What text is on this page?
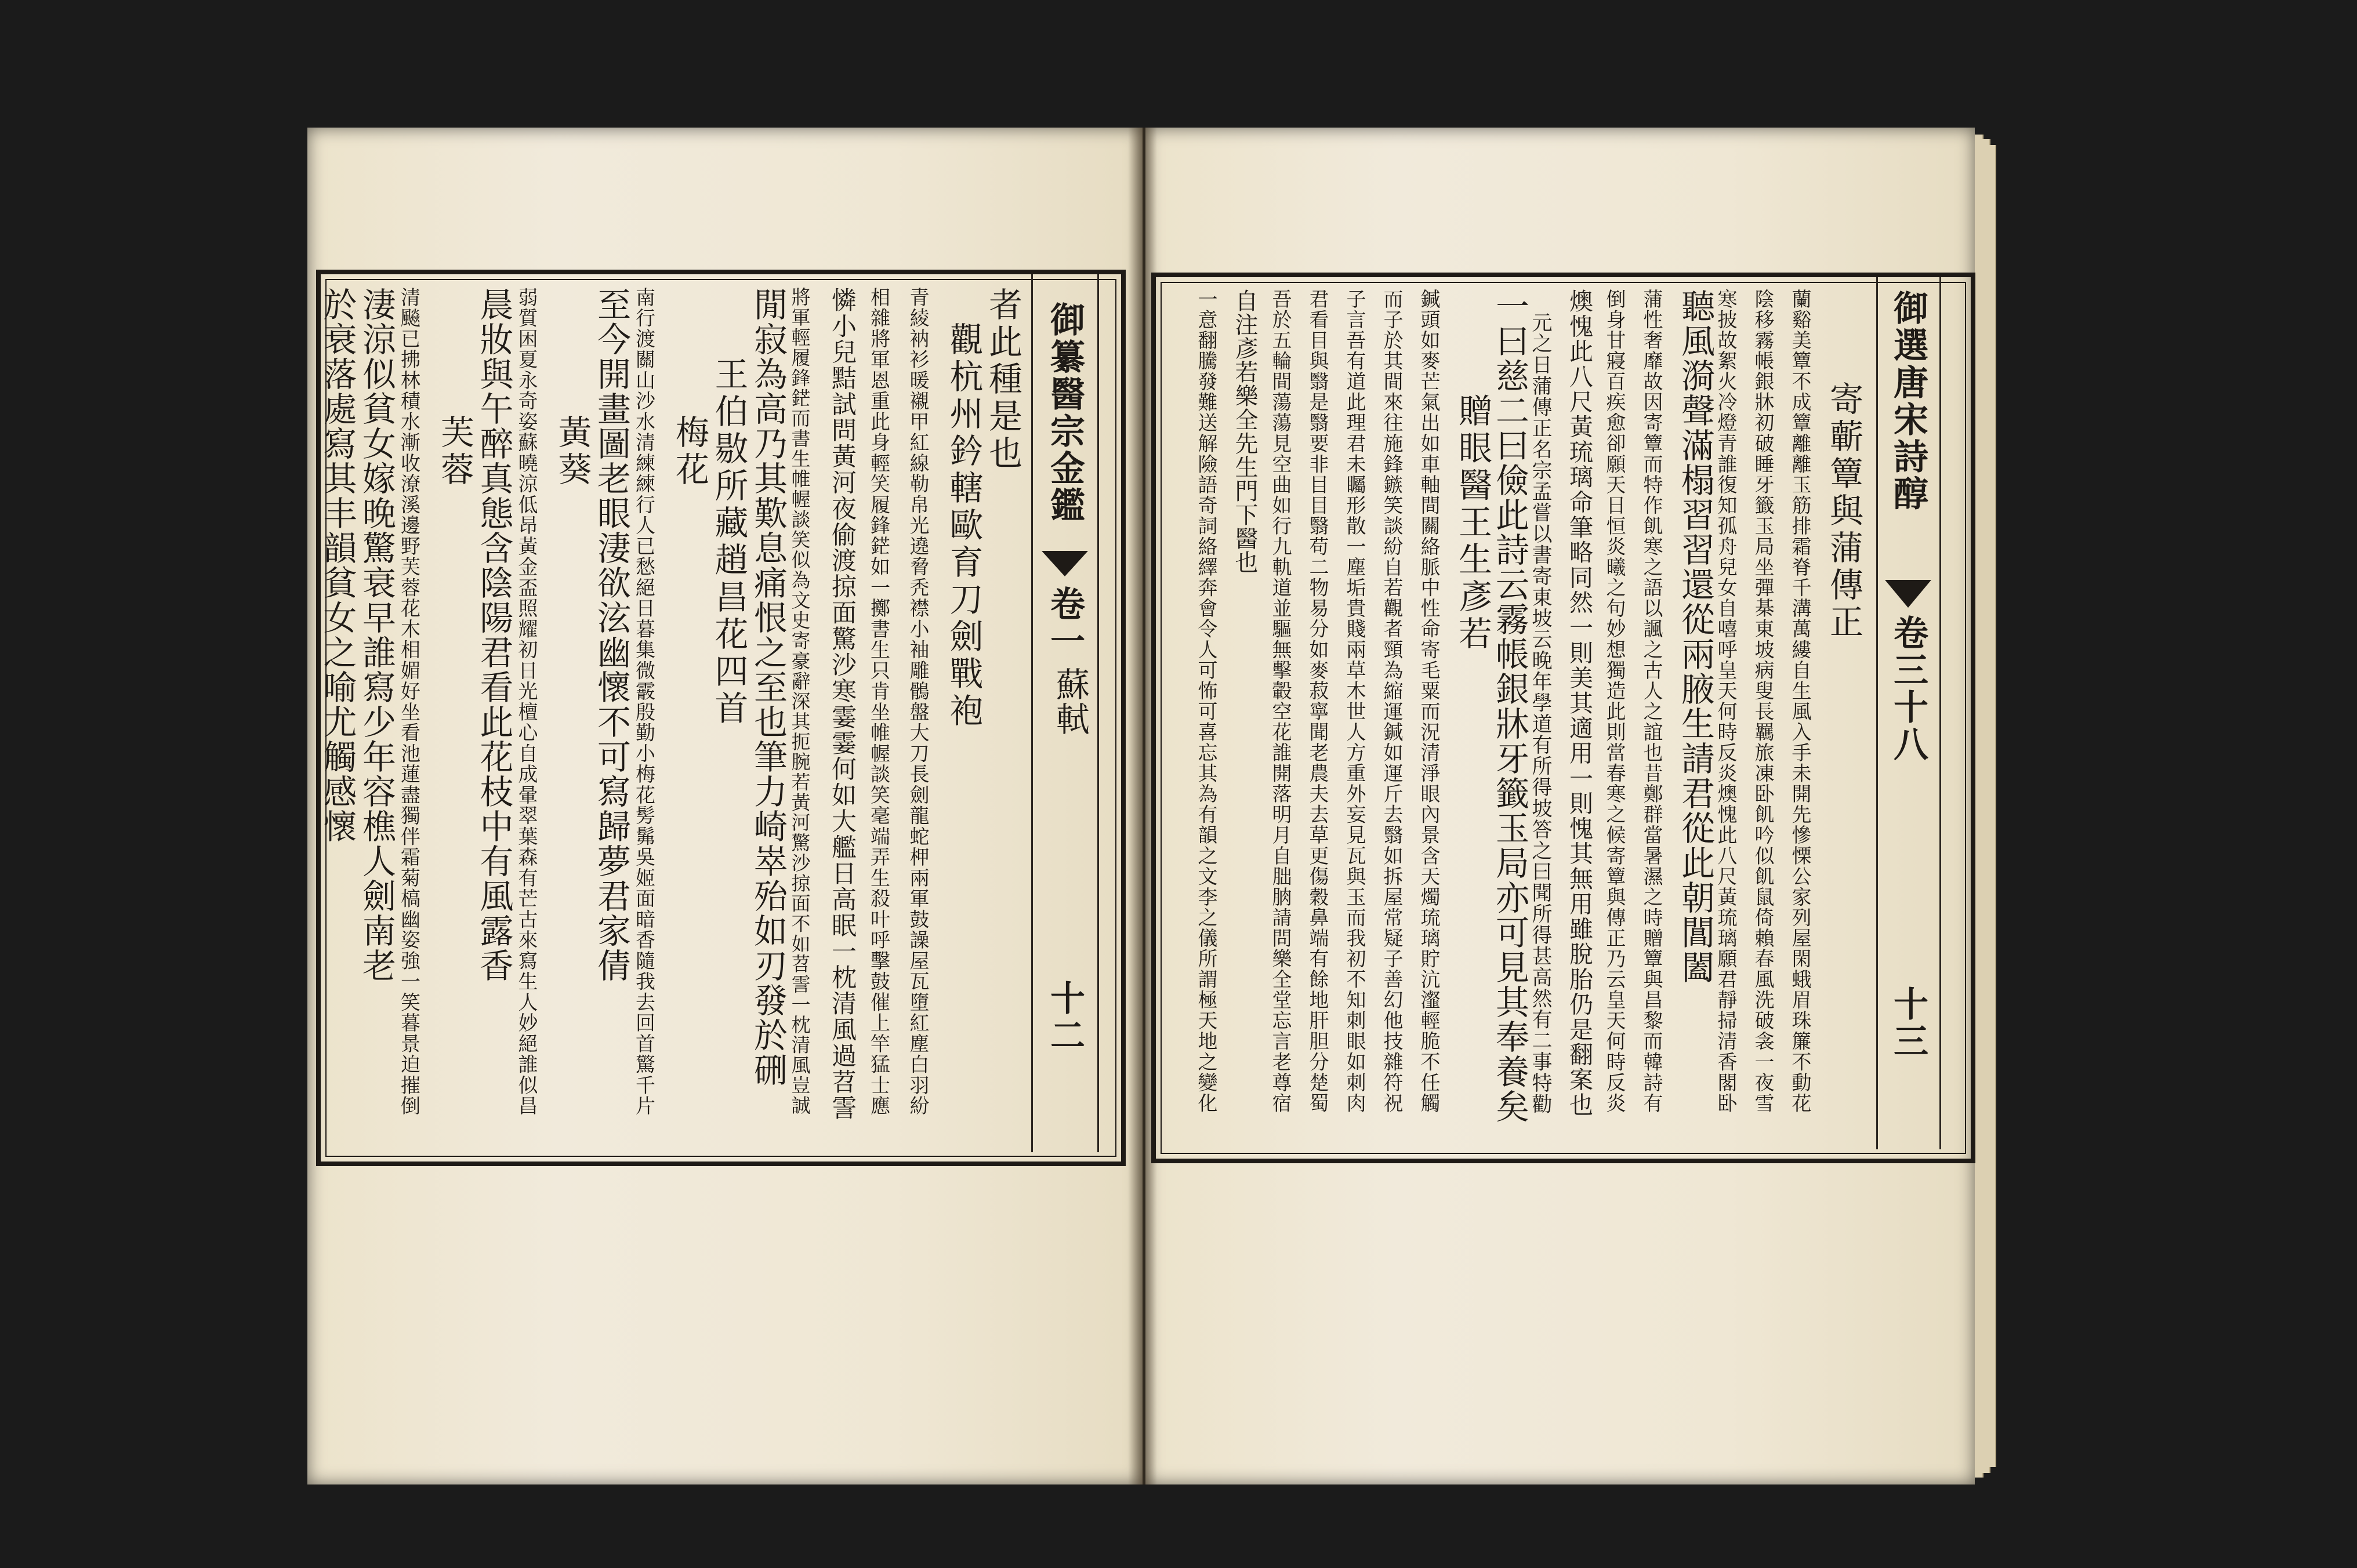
御纂醫宗金鑑
卷一
蘇軾
十二
者此種是也
觀杭州鈐轄歐育刀劍戰袍
青綾衲衫暖襯甲紅線勒帛光遶脅秃襟小袖雕鶻盤大刀長劍龍蛇柙兩軍鼓譟屋瓦墮紅塵白羽紛
相雜將軍恩重此身輕笑履鋒鋩如一擲書生只肯坐帷幄談笑毫端弄生殺叶呼擊鼓催上竿猛士應
憐小兒黠試問黃河夜偷渡掠面驚沙寒霎霎何如大艦日高眠一枕清風過苕霅
將軍輕履鋒鋩而書生帷幄談笑似為文史寄豪辭深其扼腕若黃河驚沙掠面不如苕霅一枕清風豈誠
閒寂為高乃其歎息痛恨之至也筆力崎崒殆如刃發於硎
王伯敭所藏趙昌花四首
梅花
南行渡關山沙水清練練行人已愁絕日暮集微霰殷勤小梅花髣髴吳姬面暗香隨我去回首驚千片
至今開畫圖老眼淒欲泫幽懷不可寫歸夢君家倩
黃葵
弱質困夏永奇姿蘇曉涼低昂黃金盃照耀初日光檀心自成暈翠葉森有芒古來寫生人妙絕誰似昌
晨妝與午醉真態含陰陽君看此花枝中有風露香
芙蓉
清飈已拂林積水漸收潦溪邊野芙蓉花木相媚好坐看池蓮盡獨伴霜菊槁幽姿強一笑暮景迫摧倒
淒涼似貧女嫁晚驚衰早誰寫少年容樵人劍南老
於衰落處寫其丰韻貧女之喻尤觸感懷	御選唐宋詩醇
卷三十八
十三
寄蘄簟與蒲傳正
蘭谿美簟不成簟離離玉筋排霜脊千溝萬縷自生風入手未開先慘慄公家列屋閑蛾眉珠簾不動花
陰移霧帳銀牀初破睡牙籤玉局坐彈棊東坡病叟長羈旅凍卧飢吟似飢鼠倚賴春風洗破衾一夜雪
寒披故絮火冷燈青誰復知孤舟兒女自嘻呼皇天何時反炎燠愧此八尺黃琉璃願君靜掃清香閣卧
聽風漪聲滿榻習習還從兩腋生請君從此朝閶闔
蒲性奢靡故因寄簟而特作飢寒之語以諷之古人之誼也昔鄭群當暑濕之時贈簟與昌黎而韓詩有
倒身甘寢百疾愈卻願天日恒炎曦之句妙想獨造此則當春寒之候寄簟與傳正乃云皇天何時反炎
燠愧此八尺黃琉璃命筆略同然一則美其適用一則愧其無用雖脫胎仍是翻案也
元之日蒲傳正名宗孟嘗以書寄東坡云晚年學道有所得坡答之曰聞所得甚高然有二事特勸
一曰慈二曰儉此詩云霧帳銀牀牙籤玉局亦可見其奉養矣
贈眼醫王生彥若
鍼頭如麥芒氣出如車軸間關絡脈中性命寄毛粟而況清淨眼內景含天燭琉璃貯沆瀣輕脆不任觸
而子於其間來往施鋒鏃笑談紛自若觀者頸為縮運鍼如運斤去翳如拆屋常疑子善幻他技雜符祝
子言吾有道此理君未矚形散一塵垢貴賤兩草木世人方重外妄見瓦與玉而我初不知刺眼如刺肉
君看目與翳是翳要非目目翳苟二物易分如麥菽寧聞老農夫去草更傷穀鼻端有餘地肝胆分楚蜀
吾於五輪間蕩蕩見空曲如行九軌道並驅無擊轂空花誰開落明月自朏朒請問樂全堂忘言老尊宿
自注彥若樂全先生門下醫也
一意翻騰發難送解險語奇詞絡繹奔會令人可怖可喜忘其為有韻之文李之儀所謂極天地之變化
